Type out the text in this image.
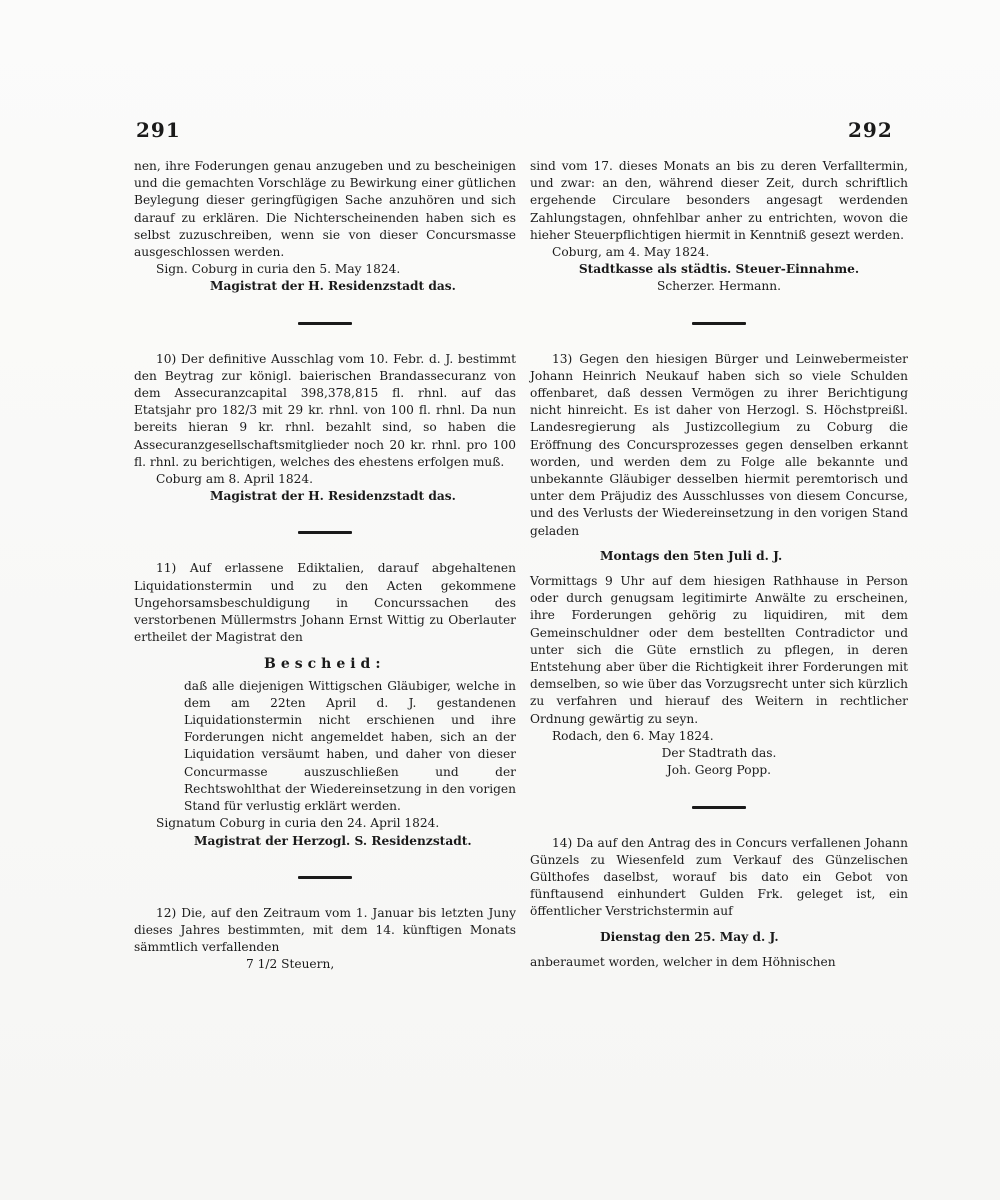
291	292

nen, ihre Foderungen genau anzugeben und zu bescheinigen und die gemachten Vorschläge zu Bewirkung einer gütlichen Beylegung dieser geringfügigen Sache anzuhören und sich darauf zu erklären. Die Nichterscheinenden haben sich es selbst zuzuschreiben, wenn sie von dieser Concursmasse ausgeschlossen werden.

Sign. Coburg in curia den 5. May 1824.

Magistrat der H. Residenzstadt das.

10) Der definitive Ausschlag vom 10. Febr. d. J. bestimmt den Beytrag zur königl. baierischen Brandassecuranz von dem Assecuranzcapital 398,378,815 fl. rhnl. auf das Etatsjahr pro 182/3 mit 29 kr. rhnl. von 100 fl. rhnl. Da nun bereits hieran 9 kr. rhnl. bezahlt sind, so haben die Assecuranzgesellschaftsmitglieder noch 20 kr. rhnl. pro 100 fl. rhnl. zu berichtigen, welches des ehestens erfolgen muß.

Coburg am 8. April 1824.

Magistrat der H. Residenzstadt das.

11) Auf erlassene Ediktalien, darauf abgehaltenen Liquidationstermin und zu den Acten gekommene Ungehorsamsbeschuldigung in Concurssachen des verstorbenen Müllermstrs Johann Ernst Wittig zu Oberlauter ertheilet der Magistrat den

Bescheid:

daß alle diejenigen Wittigschen Gläubiger, welche in dem am 22ten April d. J. gestandenen Liquidationstermin nicht erschienen und ihre Forderungen nicht angemeldet haben, sich an der Liquidation versäumt haben, und daher von dieser Concurmasse auszuschließen und der Rechtswohlthat der Wiedereinsetzung in den vorigen Stand für verlustig erklärt werden.

Signatum Coburg in curia den 24. April 1824.

Magistrat der Herzogl. S. Residenzstadt.

12) Die, auf den Zeitraum vom 1. Januar bis letzten Juny dieses Jahres bestimmten, mit dem 14. künftigen Monats sämmtlich verfallenden

7 1/2 Steuern,

sind vom 17. dieses Monats an bis zu deren Verfalltermin, und zwar: an den, während dieser Zeit, durch schriftlich ergehende Circulare besonders angesagt werdenden Zahlungstagen, ohnfehlbar anher zu entrichten, wovon die hieher Steuerpflichtigen hiermit in Kenntniß gesezt werden.

Coburg, am 4. May 1824.

Stadtkasse als städtis. Steuer-Einnahme.

Scherzer. Hermann.

13) Gegen den hiesigen Bürger und Leinwebermeister Johann Heinrich Neukauf haben sich so viele Schulden offenbaret, daß dessen Vermögen zu ihrer Berichtigung nicht hinreicht. Es ist daher von Herzogl. S. Höchstpreißl. Landesregierung als Justizcollegium zu Coburg die Eröffnung des Concursprozesses gegen denselben erkannt worden, und werden dem zu Folge alle bekannte und unbekannte Gläubiger desselben hiermit peremtorisch und unter dem Präjudiz des Ausschlusses von diesem Concurse, und des Verlusts der Wiedereinsetzung in den vorigen Stand geladen

Montags den 5ten Juli d. J.

Vormittags 9 Uhr auf dem hiesigen Rathhause in Person oder durch genugsam legitimirte Anwälte zu erscheinen, ihre Forderungen gehörig zu liquidiren, mit dem Gemeinschuldner oder dem bestellten Contradictor und unter sich die Güte ernstlich zu pflegen, in deren Entstehung aber über die Richtigkeit ihrer Forderungen mit demselben, so wie über das Vorzugsrecht unter sich kürzlich zu verfahren und hierauf des Weitern in rechtlicher Ordnung gewärtig zu seyn.

Rodach, den 6. May 1824.

Der Stadtrath das.

Joh. Georg Popp.

14) Da auf den Antrag des in Concurs verfallenen Johann Günzels zu Wiesenfeld zum Verkauf des Günzelischen Gülthofes daselbst, worauf bis dato ein Gebot von fünftausend einhundert Gulden Frk. geleget ist, ein öffentlicher Verstrichstermin auf

Dienstag den 25. May d. J.

anberaumet worden, welcher in dem Höhnischen
